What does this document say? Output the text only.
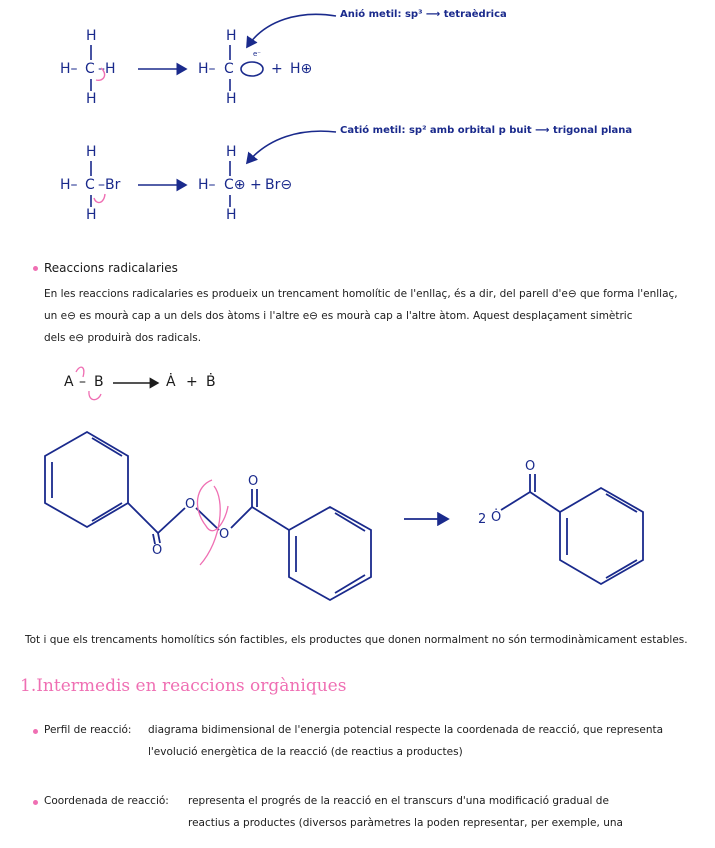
H
H– C –H
H
H
H– C
H
e⁻
+ H⊕
Anió metil: sp³ ⟶ tetraèdrica
H
H– C –Br
H
H
H– C⊕
H
+ Br⊖
Catió metil: sp² amb orbital p buit ⟶ trigonal plana
Reaccions radicalaries
En les reaccions radicalaries es produeix un trencament homolític de l'enllaç, és a dir, del parell d'e⊖ que forma l'enllaç,
un e⊖ es mourà cap a un dels dos àtoms i l'altre e⊖ es mourà cap a l'altre àtom. Aquest desplaçament simètric
dels e⊖ produirà dos radicals.
A – B	Ȧ + Ḃ
O
O
O
O
2 Ȯ
O
Tot i que els trencaments homolítics són factibles, els productes que donen normalment no són termodinàmicament estables.
1.Intermedis en reaccions orgàniques
Perfil de reacció: diagrama bidimensional de l'energia potencial respecte la coordenada de reacció, que representa
l'evolució energètica de la reacció (de reactius a productes)
Coordenada de reacció: representa el progrés de la reacció en el transcurs d'una modificació gradual de
reactius a productes (diversos paràmetres la poden representar, per exemple, una
